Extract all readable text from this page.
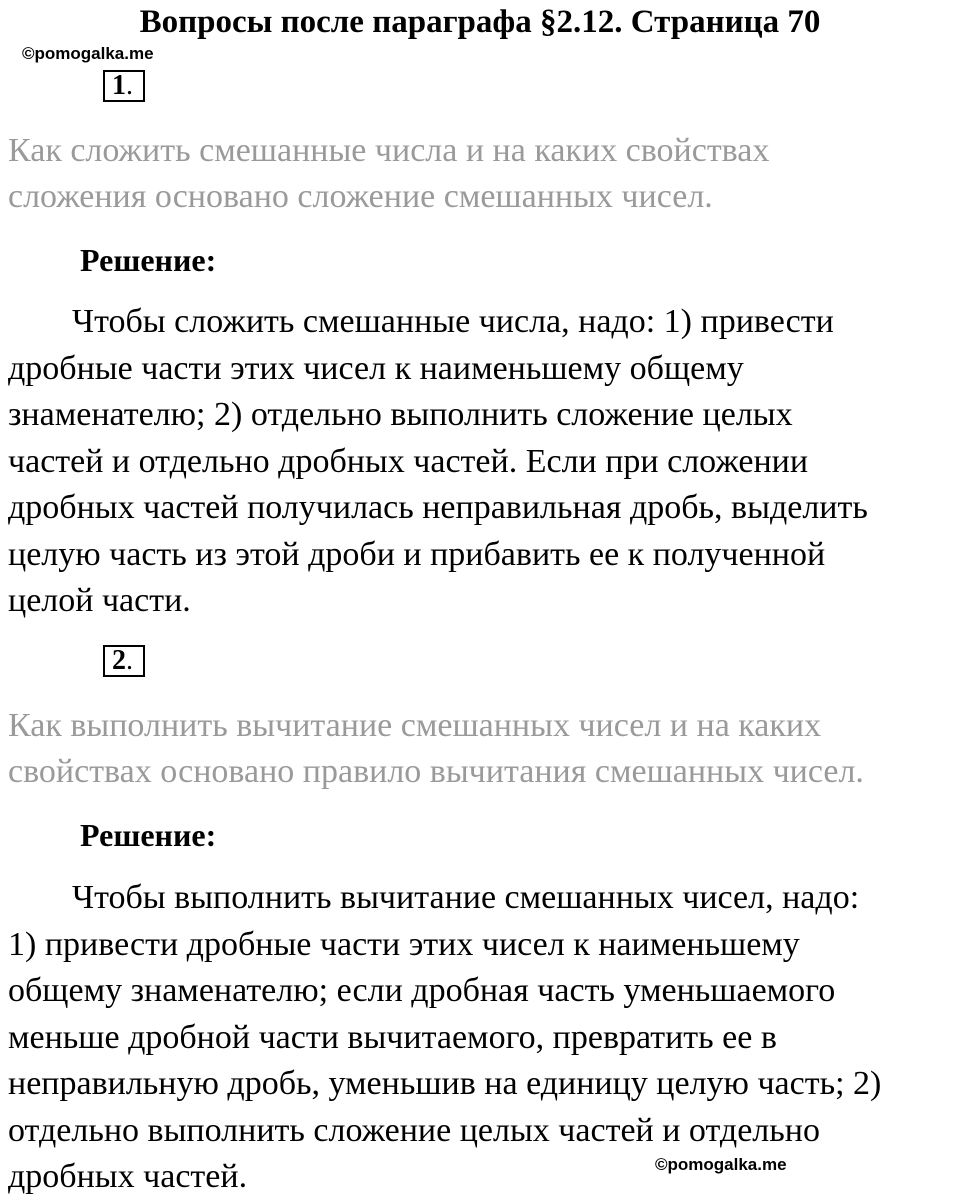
Вопросы после параграфа §2.12. Страница 70
©pomogalka.me
1.
Как сложить смешанные числа и на каких свойствах
сложения основано сложение смешанных чисел.
Решение:
Чтобы сложить смешанные числа, надо: 1) привести
дробные части этих чисел к наименьшему общему
знаменателю; 2) отдельно выполнить сложение целых
частей и отдельно дробных частей. Если при сложении
дробных частей получилась неправильная дробь, выделить
целую часть из этой дроби и прибавить ее к полученной
целой части.
2.
Как выполнить вычитание смешанных чисел и на каких
свойствах основано правило вычитания смешанных чисел.
Решение:
Чтобы выполнить вычитание смешанных чисел, надо:
1) привести дробные части этих чисел к наименьшему
общему знаменателю; если дробная часть уменьшаемого
меньше дробной части вычитаемого, превратить ее в
неправильную дробь, уменьшив на единицу целую часть; 2)
отдельно выполнить сложение целых частей и отдельно
дробных частей.	©pomogalka.me
